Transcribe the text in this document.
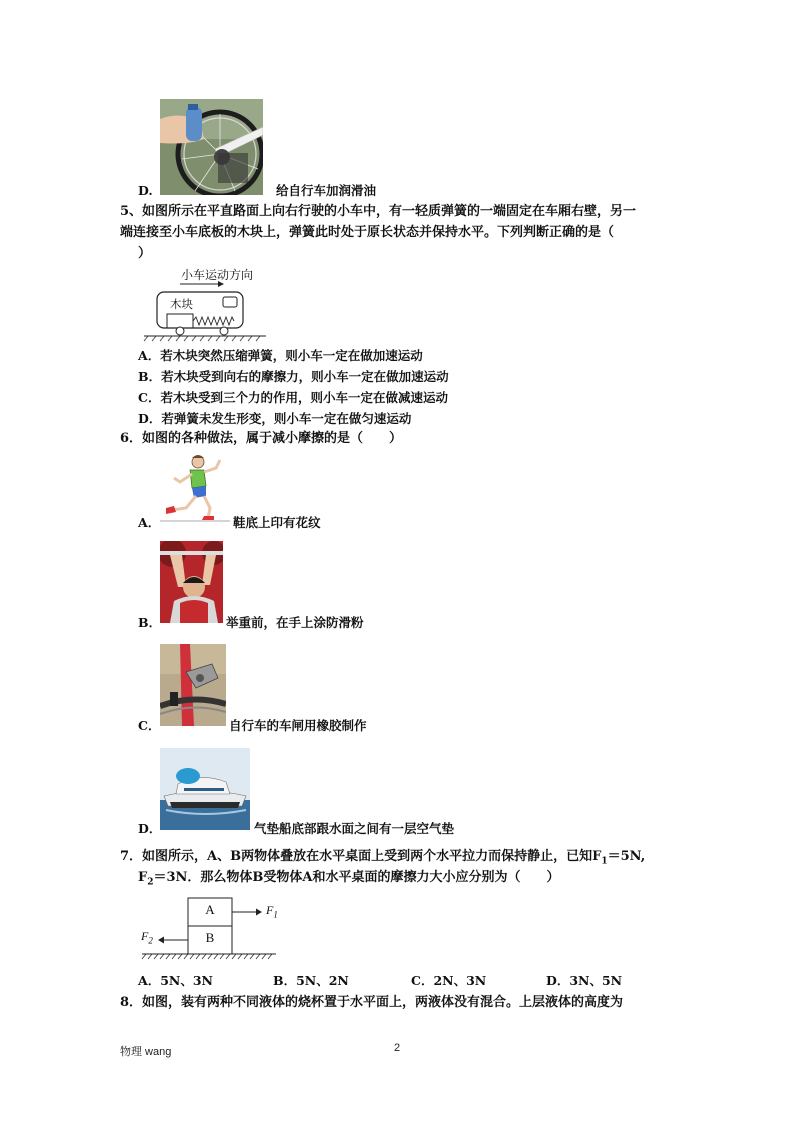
D.	给自行车加润滑油
5、如图所示在平直路面上向右行驶的小车中，有一轻质弹簧的一端固定在车厢右壁，另一
端连接至小车底板的木块上，弹簧此时处于原长状态并保持水平。下列判断正确的是（
）
小车运动方向
木块
A．若木块突然压缩弹簧，则小车一定在做加速运动
B．若木块受到向右的摩擦力，则小车一定在做加速运动
C．若木块受到三个力的作用，则小车一定在做减速运动
D．若弹簧未发生形变，则小车一定在做匀速运动
6．如图的各种做法，属于减小摩擦的是（　　）
A．	鞋底上印有花纹
B．	举重前，在手上涂防滑粉
C．	自行车的车闸用橡胶制作
D．	气垫船底部跟水面之间有一层空气垫
7．如图所示，A、B两物体叠放在水平桌面上受到两个水平拉力而保持静止，已知$F_1=5N$,
$F_2=3N$．那么物体B受物体A和水平桌面的摩擦力大小应分别为（　　）
A
B
$F_1$
$F_2$
A．5N、3N	B．5N、2N	C．2N、3N	D．3N、5N
8．如图，装有两种不同液体的烧杯置于水平面上，两液体没有混合。上层液体的高度为
物理 wang	2
